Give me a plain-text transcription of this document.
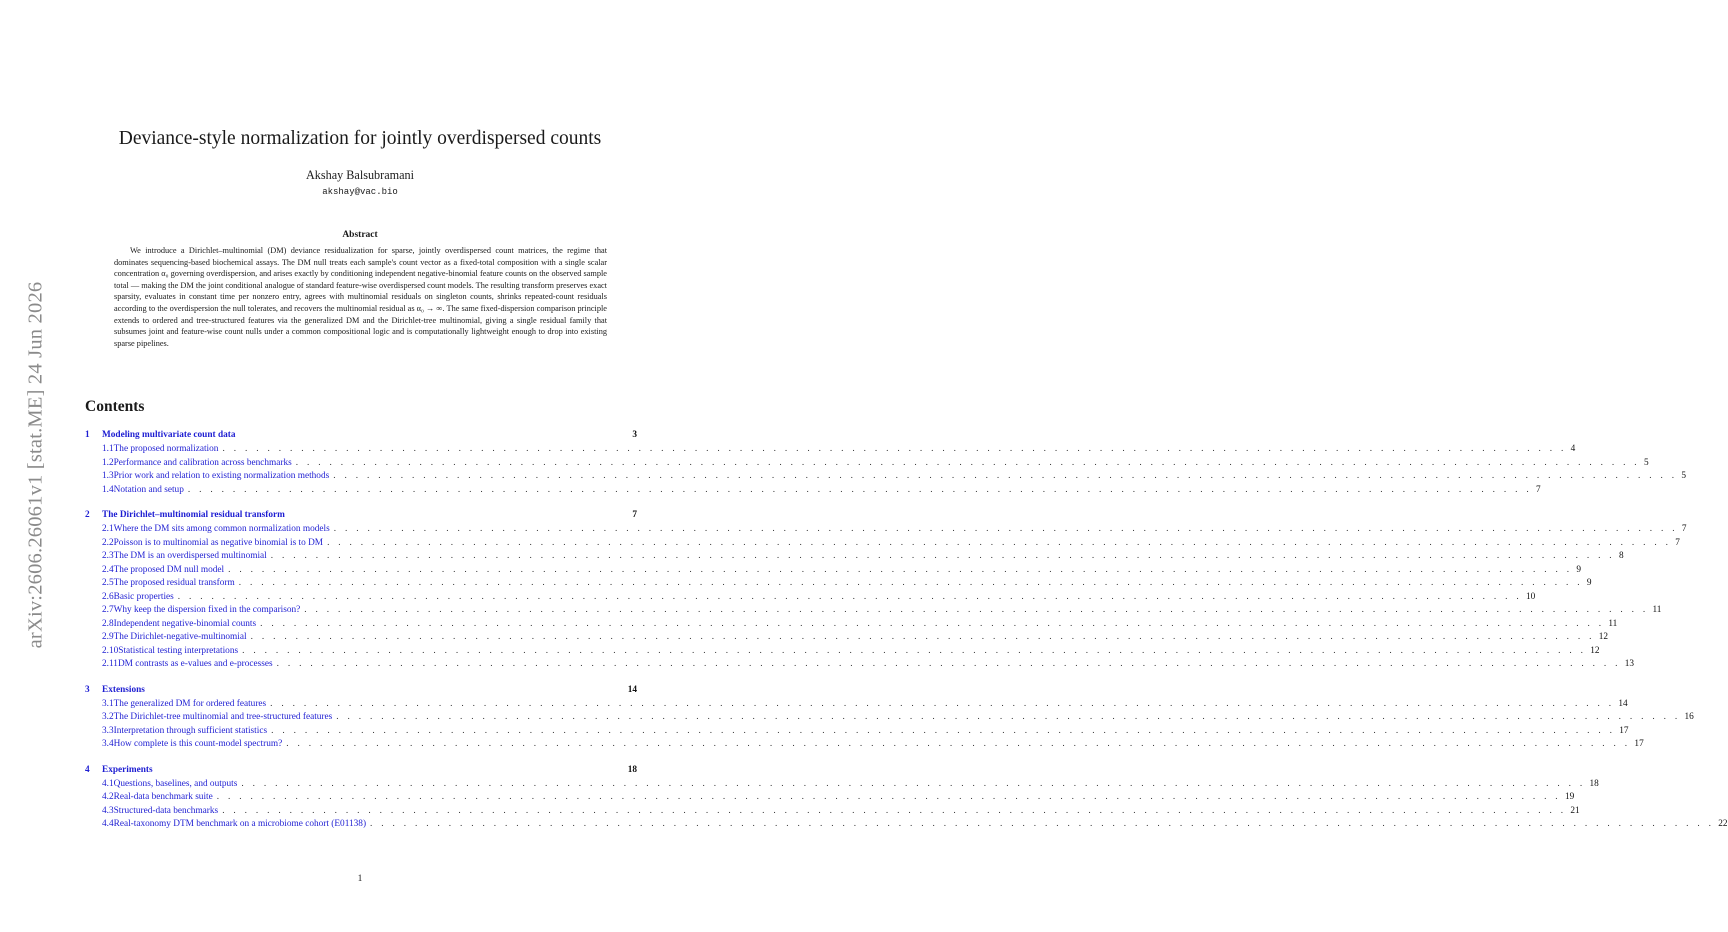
arXiv:2606.26061v1 [stat.ME] 24 Jun 2026
Deviance-style normalization for jointly overdispersed counts
Akshay Balsubramani
akshay@vac.bio
Abstract
We introduce a Dirichlet–multinomial (DM) deviance residualization for sparse, jointly overdispersed count matrices, the regime that dominates sequencing-based biochemical assays. The DM null treats each sample's count vector as a fixed-total composition with a single scalar concentration α₀ governing overdispersion, and arises exactly by conditioning independent negative-binomial feature counts on the observed sample total — making the DM the joint conditional analogue of standard feature-wise overdispersed count models. The resulting transform preserves exact sparsity, evaluates in constant time per nonzero entry, agrees with multinomial residuals on singleton counts, shrinks repeated-count residuals according to the overdispersion the null tolerates, and recovers the multinomial residual as α₀ → ∞. The same fixed-dispersion comparison principle extends to ordered and tree-structured features via the generalized DM and the Dirichlet-tree multinomial, giving a single residual family that subsumes joint and feature-wise count nulls under a common compositional logic and is computationally lightweight enough to drop into existing sparse pipelines.
Contents
1	Modeling multivariate count data	3
1.1 The proposed normalization . . . . . . . . . . . . . . . . . . . . . . . . . . . . . . . . . . . . . . . . . . . . . . . . . . . . . . . . . . . . . . . . . . . . . . . . . . . . . . . . . . . . . . . . . . . . . . . . . . . . . . . . . . . . . . . . . . . . . . . . 4
1.2 Performance and calibration across benchmarks . . . . . . . . . . . . . . . . . . . . . . . . . . . . . . . . . . . . . . . . . . . . . . . . . . . . . . . . . . . . . . . . . . . . . . . . . . . . . . . . . . . . . . . . . . . . . . . . . . . . . . . . . . . . . . . . . . . . . . . . 5
1.3 Prior work and relation to existing normalization methods . . . . . . . . . . . . . . . . . . . . . . . . . . . . . . . . . . . . . . . . . . . . . . . . . . . . . . . . . . . . . . . . . . . . . . . . . . . . . . . . . . . . . . . . . . . . . . . . . . . . . . . . . . . . . . . . . . . . . . . . 5
1.4 Notation and setup . . . . . . . . . . . . . . . . . . . . . . . . . . . . . . . . . . . . . . . . . . . . . . . . . . . . . . . . . . . . . . . . . . . . . . . . . . . . . . . . . . . . . . . . . . . . . . . . . . . . . . . . . . . . . . . . . . . . . . . . 7
2	The Dirichlet–multinomial residual transform	7
2.1 Where the DM sits among common normalization models . . . . . . . . . . . . . . . . . . . . . . . . . . . . . . . . . . . . . . . . . . . . . . . . . . . . . . . . . . . . . . . . . . . . . . . . . . . . . . . . . . . . . . . . . . . . . . . . . . . . . . . . . . . . . . . . . . . . . . . . 7
2.2 Poisson is to multinomial as negative binomial is to DM . . . . . . . . . . . . . . . . . . . . . . . . . . . . . . . . . . . . . . . . . . . . . . . . . . . . . . . . . . . . . . . . . . . . . . . . . . . . . . . . . . . . . . . . . . . . . . . . . . . . . . . . . . . . . . . . . . . . . . . . 7
2.3 The DM is an overdispersed multinomial . . . . . . . . . . . . . . . . . . . . . . . . . . . . . . . . . . . . . . . . . . . . . . . . . . . . . . . . . . . . . . . . . . . . . . . . . . . . . . . . . . . . . . . . . . . . . . . . . . . . . . . . . . . . . . . . . . . . . . . . 8
2.4 The proposed DM null model . . . . . . . . . . . . . . . . . . . . . . . . . . . . . . . . . . . . . . . . . . . . . . . . . . . . . . . . . . . . . . . . . . . . . . . . . . . . . . . . . . . . . . . . . . . . . . . . . . . . . . . . . . . . . . . . . . . . . . . . 9
2.5 The proposed residual transform . . . . . . . . . . . . . . . . . . . . . . . . . . . . . . . . . . . . . . . . . . . . . . . . . . . . . . . . . . . . . . . . . . . . . . . . . . . . . . . . . . . . . . . . . . . . . . . . . . . . . . . . . . . . . . . . . . . . . . . . 9
2.6 Basic properties . . . . . . . . . . . . . . . . . . . . . . . . . . . . . . . . . . . . . . . . . . . . . . . . . . . . . . . . . . . . . . . . . . . . . . . . . . . . . . . . . . . . . . . . . . . . . . . . . . . . . . . . . . . . . . . . . . . . . . . . 10
2.7 Why keep the dispersion fixed in the comparison? . . . . . . . . . . . . . . . . . . . . . . . . . . . . . . . . . . . . . . . . . . . . . . . . . . . . . . . . . . . . . . . . . . . . . . . . . . . . . . . . . . . . . . . . . . . . . . . . . . . . . . . . . . . . . . . . . . . . . . . . 11
2.8 Independent negative-binomial counts . . . . . . . . . . . . . . . . . . . . . . . . . . . . . . . . . . . . . . . . . . . . . . . . . . . . . . . . . . . . . . . . . . . . . . . . . . . . . . . . . . . . . . . . . . . . . . . . . . . . . . . . . . . . . . . . . . . . . . . . 11
2.9 The Dirichlet-negative-multinomial . . . . . . . . . . . . . . . . . . . . . . . . . . . . . . . . . . . . . . . . . . . . . . . . . . . . . . . . . . . . . . . . . . . . . . . . . . . . . . . . . . . . . . . . . . . . . . . . . . . . . . . . . . . . . . . . . . . . . . . . 12
2.10 Statistical testing interpretations . . . . . . . . . . . . . . . . . . . . . . . . . . . . . . . . . . . . . . . . . . . . . . . . . . . . . . . . . . . . . . . . . . . . . . . . . . . . . . . . . . . . . . . . . . . . . . . . . . . . . . . . . . . . . . . . . . . . . . . . 12
2.11 DM contrasts as e-values and e-processes . . . . . . . . . . . . . . . . . . . . . . . . . . . . . . . . . . . . . . . . . . . . . . . . . . . . . . . . . . . . . . . . . . . . . . . . . . . . . . . . . . . . . . . . . . . . . . . . . . . . . . . . . . . . . . . . . . . . . . . . 13
3	Extensions	14
3.1 The generalized DM for ordered features . . . . . . . . . . . . . . . . . . . . . . . . . . . . . . . . . . . . . . . . . . . . . . . . . . . . . . . . . . . . . . . . . . . . . . . . . . . . . . . . . . . . . . . . . . . . . . . . . . . . . . . . . . . . . . . . . . . . . . . . 14
3.2 The Dirichlet-tree multinomial and tree-structured features . . . . . . . . . . . . . . . . . . . . . . . . . . . . . . . . . . . . . . . . . . . . . . . . . . . . . . . . . . . . . . . . . . . . . . . . . . . . . . . . . . . . . . . . . . . . . . . . . . . . . . . . . . . . . . . . . . . . . . . . 16
3.3 Interpretation through sufficient statistics . . . . . . . . . . . . . . . . . . . . . . . . . . . . . . . . . . . . . . . . . . . . . . . . . . . . . . . . . . . . . . . . . . . . . . . . . . . . . . . . . . . . . . . . . . . . . . . . . . . . . . . . . . . . . . . . . . . . . . . . 17
3.4 How complete is this count-model spectrum? . . . . . . . . . . . . . . . . . . . . . . . . . . . . . . . . . . . . . . . . . . . . . . . . . . . . . . . . . . . . . . . . . . . . . . . . . . . . . . . . . . . . . . . . . . . . . . . . . . . . . . . . . . . . . . . . . . . . . . . . 17
4	Experiments	18
4.1 Questions, baselines, and outputs . . . . . . . . . . . . . . . . . . . . . . . . . . . . . . . . . . . . . . . . . . . . . . . . . . . . . . . . . . . . . . . . . . . . . . . . . . . . . . . . . . . . . . . . . . . . . . . . . . . . . . . . . . . . . . . . . . . . . . . . 18
4.2 Real-data benchmark suite . . . . . . . . . . . . . . . . . . . . . . . . . . . . . . . . . . . . . . . . . . . . . . . . . . . . . . . . . . . . . . . . . . . . . . . . . . . . . . . . . . . . . . . . . . . . . . . . . . . . . . . . . . . . . . . . . . . . . . . . 19
4.3 Structured-data benchmarks . . . . . . . . . . . . . . . . . . . . . . . . . . . . . . . . . . . . . . . . . . . . . . . . . . . . . . . . . . . . . . . . . . . . . . . . . . . . . . . . . . . . . . . . . . . . . . . . . . . . . . . . . . . . . . . . . . . . . . . . 21
4.4 Real-taxonomy DTM benchmark on a microbiome cohort (E01138) . . . . . . . . . . . . . . . . . . . . . . . . . . . . . . . . . . . . . . . . . . . . . . . . . . . . . . . . . . . . . . . . . . . . . . . . . . . . . . . . . . . . . . . . . . . . . . . . . . . . . . . . . . . . . . . . . . . . . . . . 22
1
